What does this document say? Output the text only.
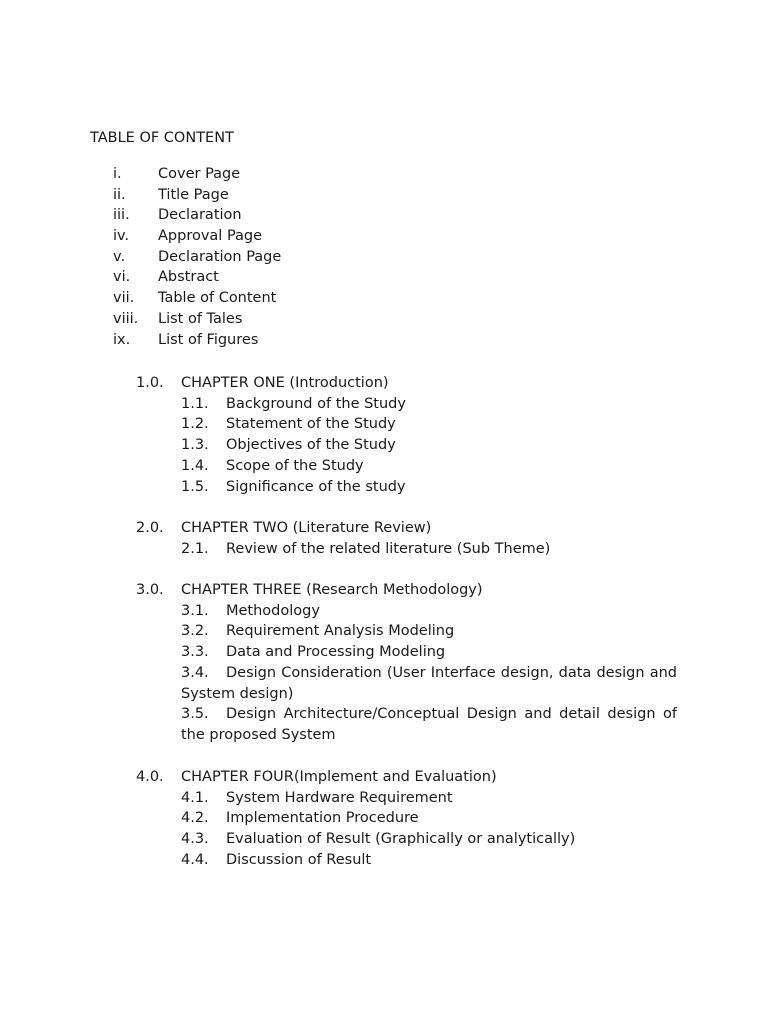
TABLE OF CONTENT
i.	Cover Page
ii. Title Page
iii. Declaration
iv. Approval Page
v. Declaration Page
vi. Abstract
vii. Table of Content
viii. List of Tales
ix. List of Figures
1.0. CHAPTER ONE (Introduction)
1.1. Background of the Study
1.2. Statement of the Study
1.3. Objectives of the Study
1.4. Scope of the Study
1.5. Significance of the study
2.0. CHAPTER TWO (Literature Review)
2.1. Review of the related literature (Sub Theme)
3.0. CHAPTER THREE (Research Methodology)
3.1. Methodology
3.2. Requirement Analysis Modeling
3.3. Data and Processing Modeling
3.4. Design Consideration (User Interface design, data design and System design)
3.5. Design Architecture/Conceptual Design and detail design of the proposed System
4.0. CHAPTER FOUR(Implement and Evaluation)
4.1. System Hardware Requirement
4.2. Implementation Procedure
4.3. Evaluation of Result (Graphically or analytically)
4.4. Discussion of Result
